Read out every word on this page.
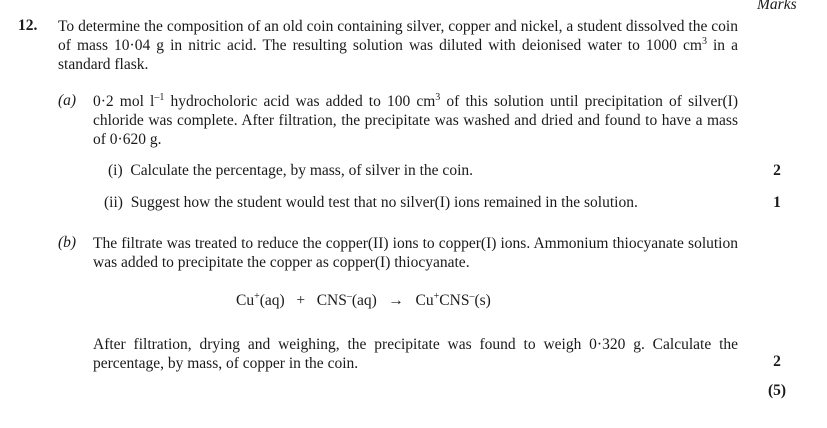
Marks
12. To determine the composition of an old coin containing silver, copper and nickel, a student dissolved the coin of mass 10·04 g in nitric acid. The resulting solution was diluted with deionised water to 1000 $cm^3$ in a standard flask.
(a) 0·2 mol $l^{-1}$ hydrocholoric acid was added to 100 $cm^3$ of this solution until precipitation of silver(I) chloride was complete. After filtration, the precipitate was washed and dried and found to have a mass of 0·620 g.
(i) Calculate the percentage, by mass, of silver in the coin.	2
(ii) Suggest how the student would test that no silver(I) ions remained in the solution.	1
(b) The filtrate was treated to reduce the copper(II) ions to copper(I) ions. Ammonium thiocyanate solution was added to precipitate the copper as copper(I) thiocyanate.
Cu+(aq) + CNS–(aq) → Cu+CNS–(s)
After filtration, drying and weighing, the precipitate was found to weigh 0·320 g. Calculate the percentage, by mass, of copper in the coin.	2
(5)
